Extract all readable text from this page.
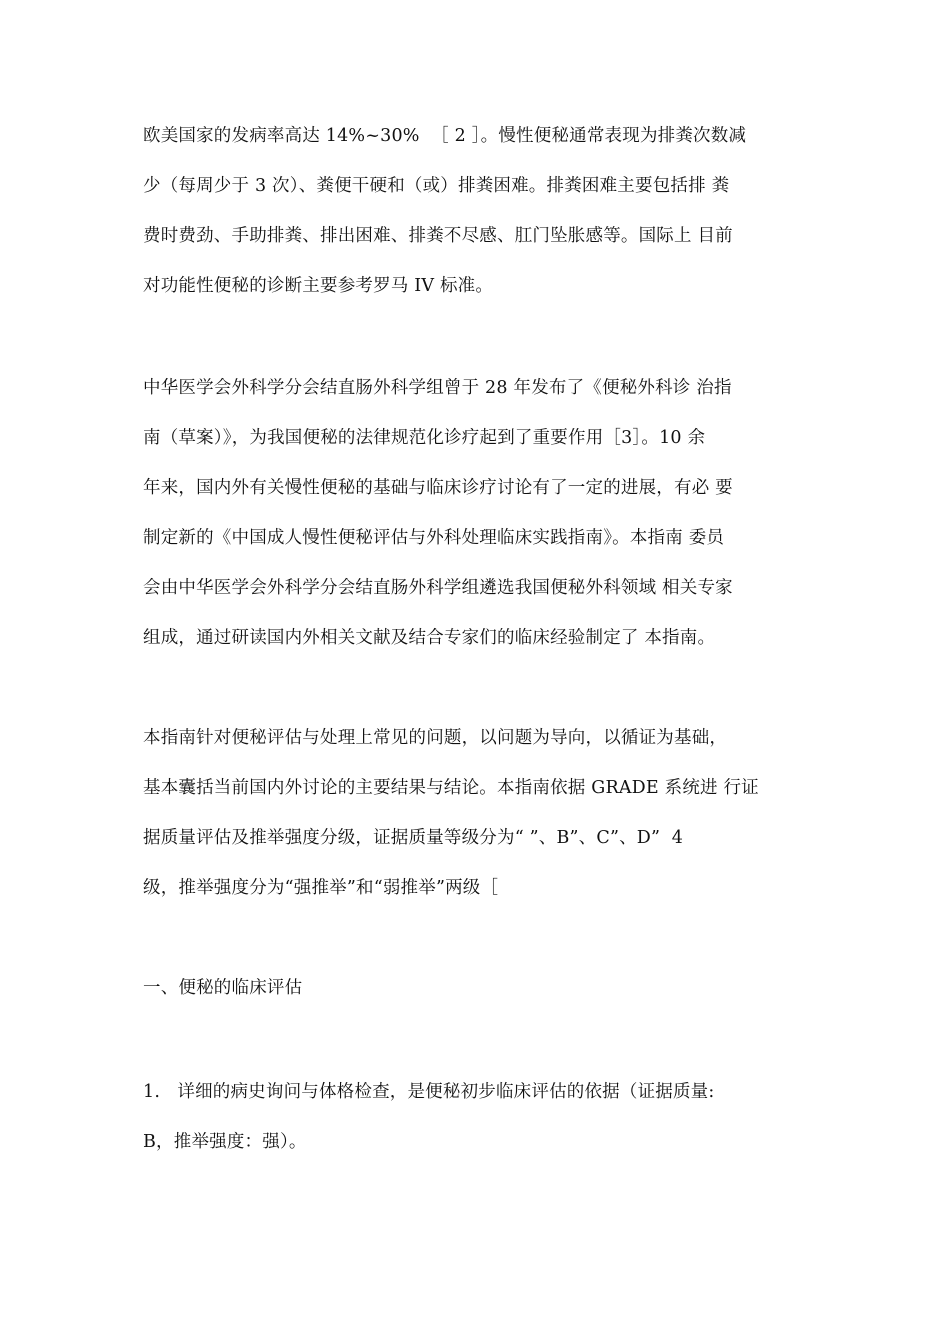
欧美国家的发病率高达 14%~30%  ［ 2 ］。慢性便秘通常表现为排粪次数减
少（每周少于 3 次）、粪便干硬和（或）排粪困难。排粪困难主要包括排 粪
费时费劲、手助排粪、排出困难、排粪不尽感、肛门坠胀感等。国际上 目前
对功能性便秘的诊断主要参考罗马 IV 标准。
中华医学会外科学分会结直肠外科学组曾于 28 年发布了《便秘外科诊 治指
南（草案）》，为我国便秘的法律规范化诊疗起到了重要作用［3］。10 余
年来，国内外有关慢性便秘的基础与临床诊疗讨论有了一定的进展，有必 要
制定新的《中国成人慢性便秘评估与外科处理临床实践指南》。本指南 委员
会由中华医学会外科学分会结直肠外科学组遴选我国便秘外科领域 相关专家
组成，通过研读国内外相关文献及结合专家们的临床经验制定了 本指南。
本指南针对便秘评估与处理上常见的问题，以问题为导向，以循证为基础，
基本囊括当前国内外讨论的主要结果与结论。本指南依据 GRADE 系统进 行证
据质量评估及推举强度分级，证据质量等级分为“ ”、B”、C”、D”  4
级，推举强度分为“强推举”和“弱推举”两级［
一、便秘的临床评估
1.   详细的病史询问与体格检查，是便秘初步临床评估的依据（证据质量:
B，推举强度：强）。
